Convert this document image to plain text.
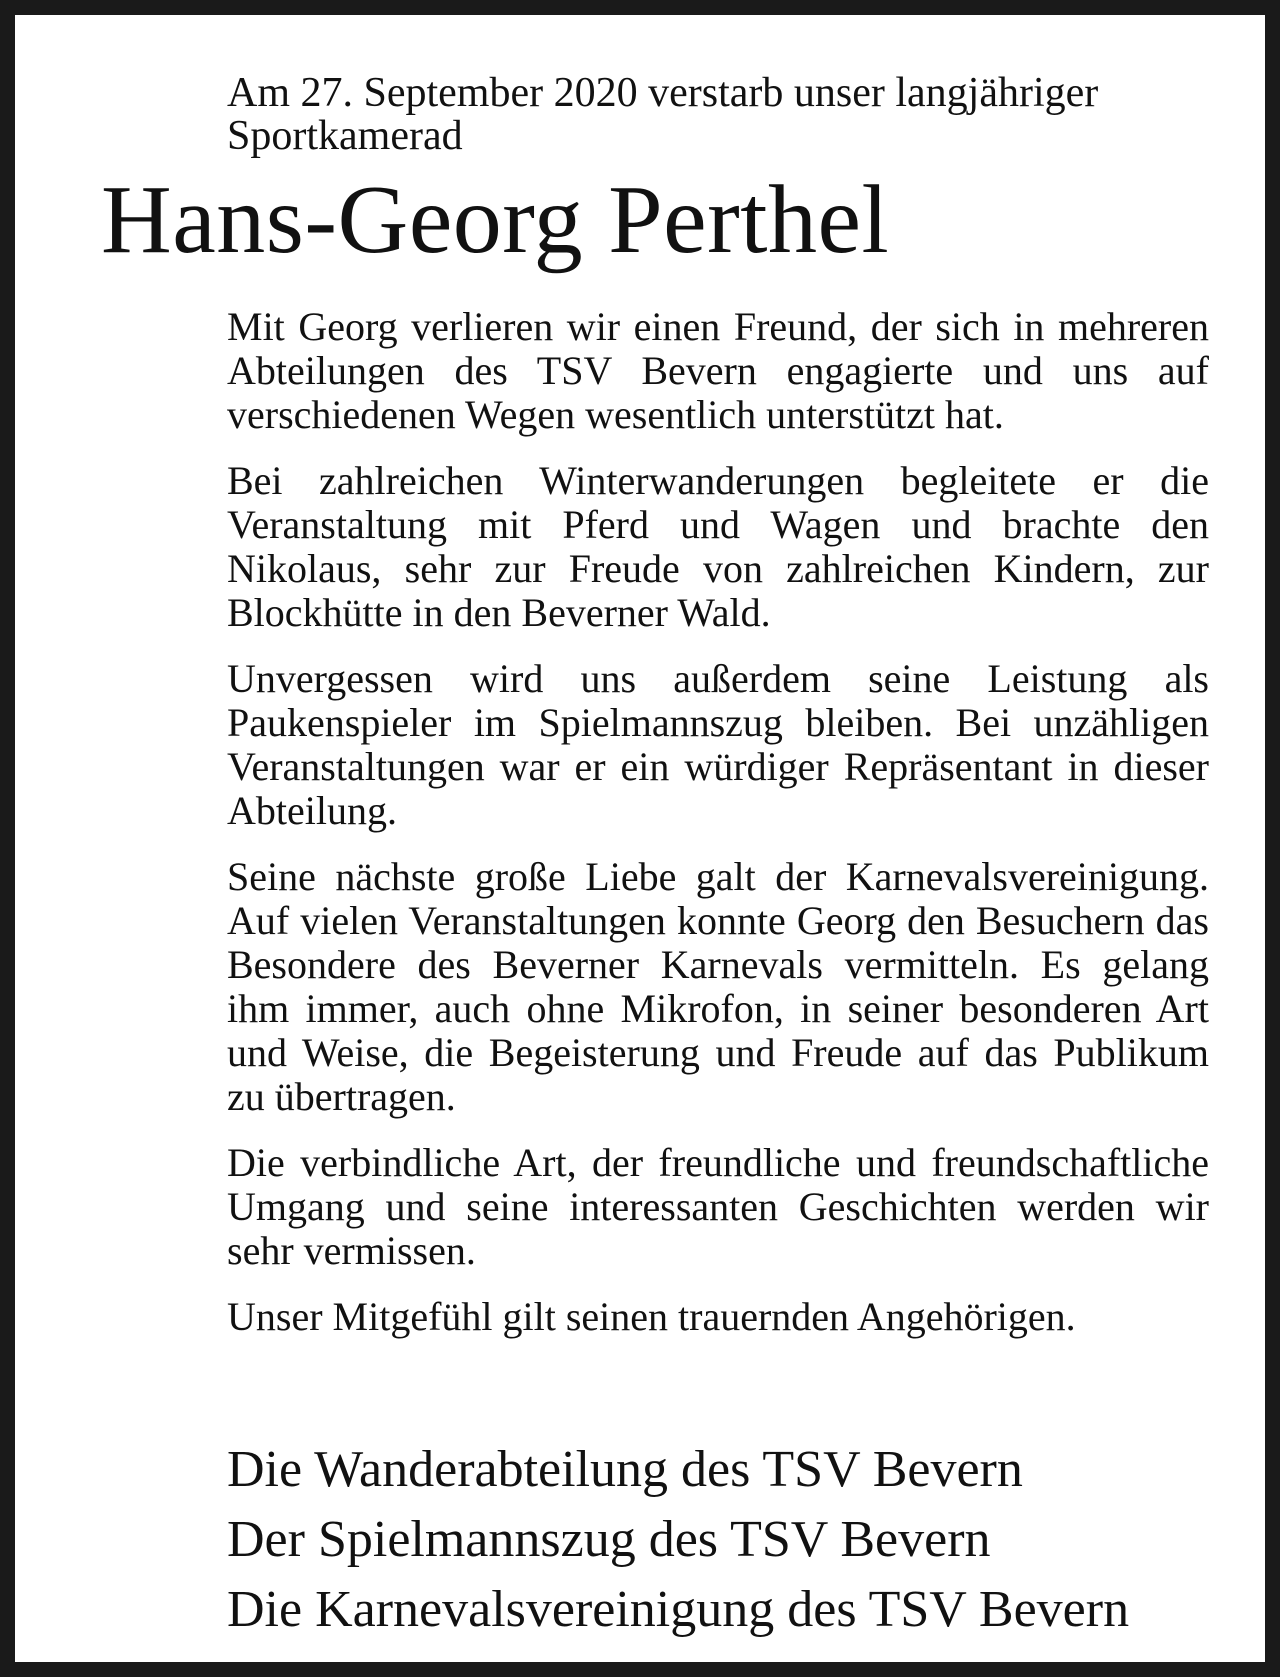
Am 27. September 2020 verstarb unser langjähriger Sportkamerad
Hans-Georg Perthel

Mit Georg verlieren wir einen Freund, der sich in mehreren Abteilungen des TSV Bevern engagierte und uns auf verschiedenen Wegen wesentlich unterstützt hat.

Bei zahlreichen Winterwanderungen begleitete er die Veranstaltung mit Pferd und Wagen und brachte den Nikolaus, sehr zur Freude von zahlreichen Kindern, zur Blockhütte in den Beverner Wald.

Unvergessen wird uns außerdem seine Leistung als Paukenspieler im Spielmannszug bleiben. Bei unzähligen Veranstaltungen war er ein würdiger Repräsentant in dieser Abteilung.

Seine nächste große Liebe galt der Karnevalsvereinigung. Auf vielen Veranstaltungen konnte Georg den Besuchern das Besondere des Beverner Karnevals vermitteln. Es gelang ihm immer, auch ohne Mikrofon, in seiner besonderen Art und Weise, die Begeisterung und Freude auf das Publikum zu übertragen.

Die verbindliche Art, der freundliche und freundschaftliche Umgang und seine interessanten Geschichten werden wir sehr vermissen.

Unser Mitgefühl gilt seinen trauernden Angehörigen.

Die Wanderabteilung des TSV Bevern
Der Spielmannszug des TSV Bevern
Die Karnevalsvereinigung des TSV Bevern
